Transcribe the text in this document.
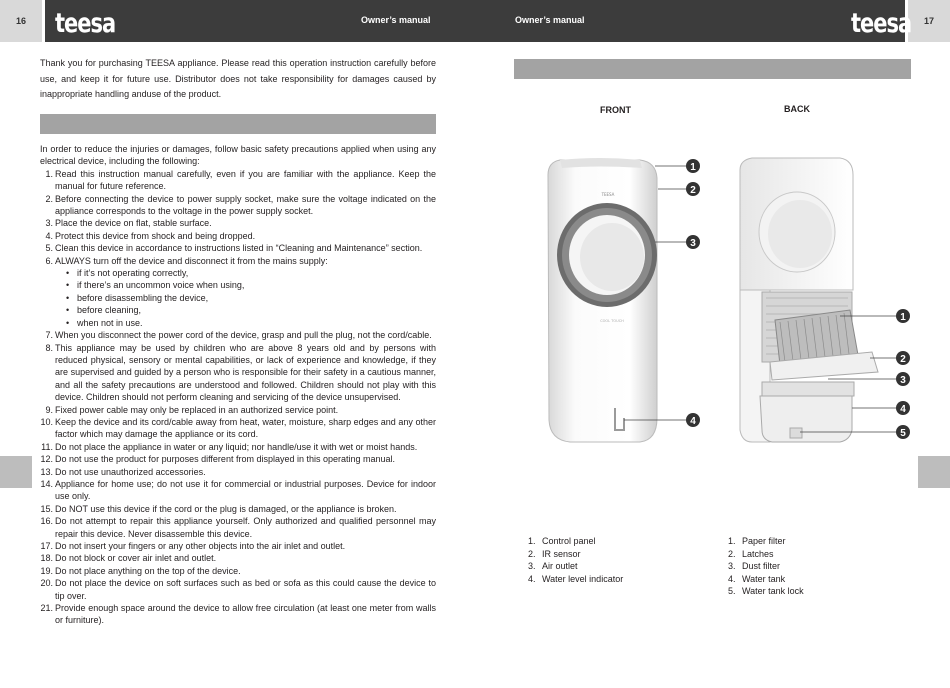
16	17
teesa	teesa
Owner’s manual	Owner’s manual

Thank you for purchasing TEESA appliance. Please read this operation instruction carefully before use, and keep it for future use. Distributor does not take responsibility for damages caused by inappropriate handling anduse of the product.

In order to reduce the injuries or damages, follow basic safety precautions applied when using any electrical device, including the following:

1. Read this instruction manual carefully, even if you are familiar with the appliance. Keep the manual for future reference.
2. Before connecting the device to power supply socket, make sure the voltage indicated on the appliance corresponds to the voltage in the power supply socket.
3. Place the device on flat, stable surface.
4. Protect this device from shock and being dropped.
5. Clean this device in accordance to instructions listed in “Cleaning and Maintenance” section.
6. ALWAYS turn off the device and disconnect it from the mains supply:
• if it’s not operating correctly,
• if there’s an uncommon voice when using,
• before disassembling the device,
• before cleaning,
• when not in use.
7. When you disconnect the power cord of the device, grasp and pull the plug, not the cord/cable.
8. This appliance may be used by children who are above 8 years old and by persons with reduced physical, sensory or mental capabilities, or lack of experience and knowledge, if they are supervised and guided by a person who is responsible for their safety in a cautious manner, and all the safety precautions are understood and followed. Children should not play with this device. Children should not perform cleaning and servicing of the device unsupervised.
9. Fixed power cable may only be replaced in an authorized service point.
10. Keep the device and its cord/cable away from heat, water, moisture, sharp edges and any other factor which may damage the appliance or its cord.
11. Do not place the appliance in water or any liquid; nor handle/use it with wet or moist hands.
12. Do not use the product for purposes different from displayed in this operating manual.
13. Do not use unauthorized accessories.
14. Appliance for home use; do not use it for commercial or industrial purposes. Device for indoor use only.
15. Do NOT use this device if the cord or the plug is damaged, or the appliance is broken.
16. Do not attempt to repair this appliance yourself. Only authorized and qualified personnel may repair this device. Never disassemble this device.
17. Do not insert your fingers or any other objects into the air inlet and outlet.
18. Do not block or cover air inlet and outlet.
19. Do not place anything on the top of the device.
20. Do not place the device on soft surfaces such as bed or sofa as this could cause the device to tip over.
21. Provide enough space around the device to allow free circulation (at least one meter from walls or furniture).
FRONT	BACK
TEESA
COOL TOUCH
1
2
3
4
1
2
3
4
5
1. Control panel
2. IR sensor
3. Air outlet
4. Water level indicator
1. Paper filter
2. Latches
3. Dust filter
4. Water tank
5. Water tank lock
